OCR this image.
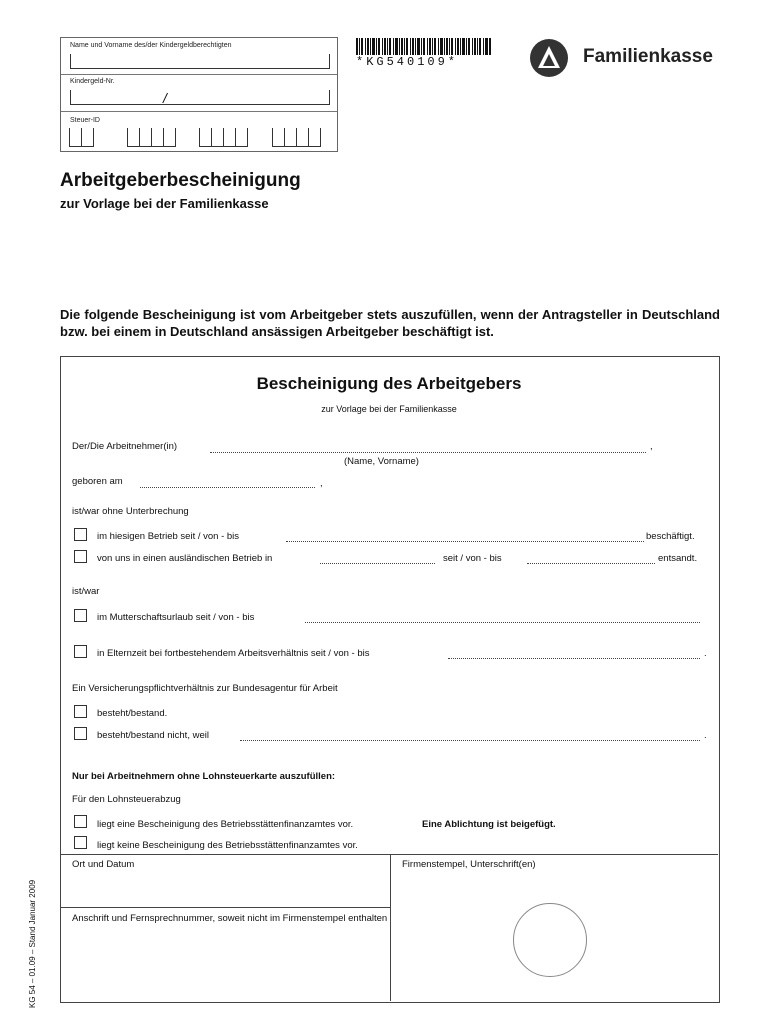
Name und Vorname des/der Kindergeldberechtigten
Kindergeld-Nr.
/
Steuer-ID
*KG540109*	Familienkasse
Arbeitgeberbescheinigung
zur Vorlage bei der Familienkasse
Die folgende Bescheinigung ist vom Arbeitgeber stets auszufüllen, wenn der Antragsteller in Deutschland bzw. bei einem in Deutschland ansässigen Arbeitgeber beschäftigt ist.
Bescheinigung des Arbeitgebers
zur Vorlage bei der Familienkasse
Der/Die Arbeitnehmer(in)	,
(Name, Vorname)
geboren am	,
ist/war ohne Unterbrechung
im hiesigen Betrieb seit / von - bis	beschäftigt.
von uns in einen ausländischen Betrieb in	seit / von - bis	entsandt.
ist/war
im Mutterschaftsurlaub seit / von - bis
in Elternzeit bei fortbestehendem Arbeitsverhältnis seit / von - bis	.
Ein Versicherungspflichtverhältnis zur Bundesagentur für Arbeit
besteht/bestand.
besteht/bestand nicht, weil	.
Nur bei Arbeitnehmern ohne Lohnsteuerkarte auszufüllen:
Für den Lohnsteuerabzug
liegt eine Bescheinigung des Betriebsstättenfinanzamtes vor.	Eine Ablichtung ist beigefügt.
liegt keine Bescheinigung des Betriebsstättenfinanzamtes vor.
Ort und Datum	Firmenstempel, Unterschrift(en)
Anschrift und Fernsprechnummer, soweit nicht im Firmenstempel enthalten
KG 54 – 01.09 – Stand Januar 2009
